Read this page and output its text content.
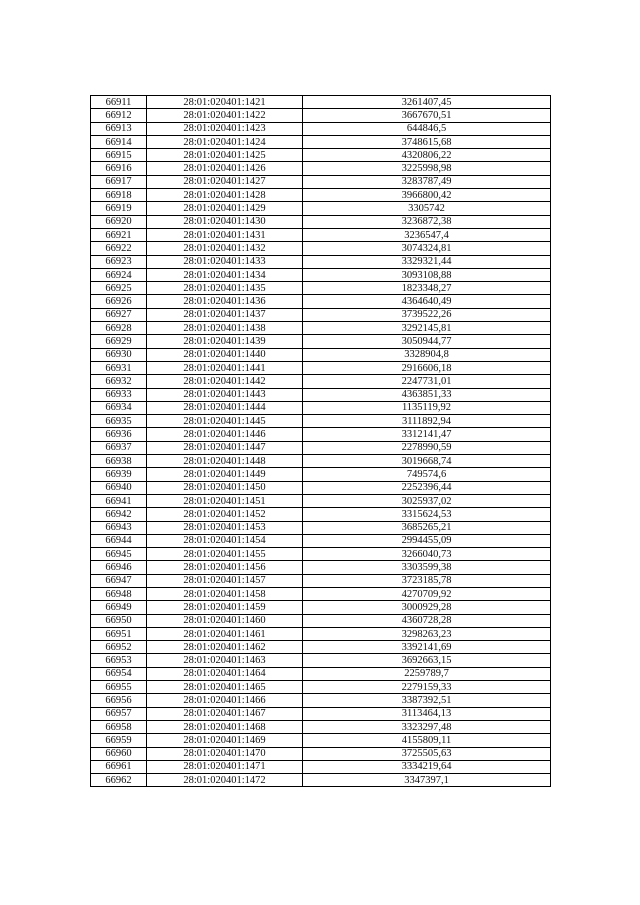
66911	28:01:020401:1421	3261407,45
66912	28:01:020401:1422	3667670,51
66913	28:01:020401:1423	644846,5
66914	28:01:020401:1424	3748615,68
66915	28:01:020401:1425	4320806,22
66916	28:01:020401:1426	3225998,98
66917	28:01:020401:1427	3283787,49
66918	28:01:020401:1428	3966800,42
66919	28:01:020401:1429	3305742
66920	28:01:020401:1430	3236872,38
66921	28:01:020401:1431	3236547,4
66922	28:01:020401:1432	3074324,81
66923	28:01:020401:1433	3329321,44
66924	28:01:020401:1434	3093108,88
66925	28:01:020401:1435	1823348,27
66926	28:01:020401:1436	4364640,49
66927	28:01:020401:1437	3739522,26
66928	28:01:020401:1438	3292145,81
66929	28:01:020401:1439	3050944,77
66930	28:01:020401:1440	3328904,8
66931	28:01:020401:1441	2916606,18
66932	28:01:020401:1442	2247731,01
66933	28:01:020401:1443	4363851,33
66934	28:01:020401:1444	1135119,92
66935	28:01:020401:1445	3111892,94
66936	28:01:020401:1446	3312141,47
66937	28:01:020401:1447	2278990,59
66938	28:01:020401:1448	3019668,74
66939	28:01:020401:1449	749574,6
66940	28:01:020401:1450	2252396,44
66941	28:01:020401:1451	3025937,02
66942	28:01:020401:1452	3315624,53
66943	28:01:020401:1453	3685265,21
66944	28:01:020401:1454	2994455,09
66945	28:01:020401:1455	3266040,73
66946	28:01:020401:1456	3303599,38
66947	28:01:020401:1457	3723185,78
66948	28:01:020401:1458	4270709,92
66949	28:01:020401:1459	3000929,28
66950	28:01:020401:1460	4360728,28
66951	28:01:020401:1461	3298263,23
66952	28:01:020401:1462	3392141,69
66953	28:01:020401:1463	3692663,15
66954	28:01:020401:1464	2259789,7
66955	28:01:020401:1465	2279159,33
66956	28:01:020401:1466	3387392,51
66957	28:01:020401:1467	3113464,13
66958	28:01:020401:1468	3323297,48
66959	28:01:020401:1469	4155809,11
66960	28:01:020401:1470	3725505,63
66961	28:01:020401:1471	3334219,64
66962	28:01:020401:1472	3347397,1
